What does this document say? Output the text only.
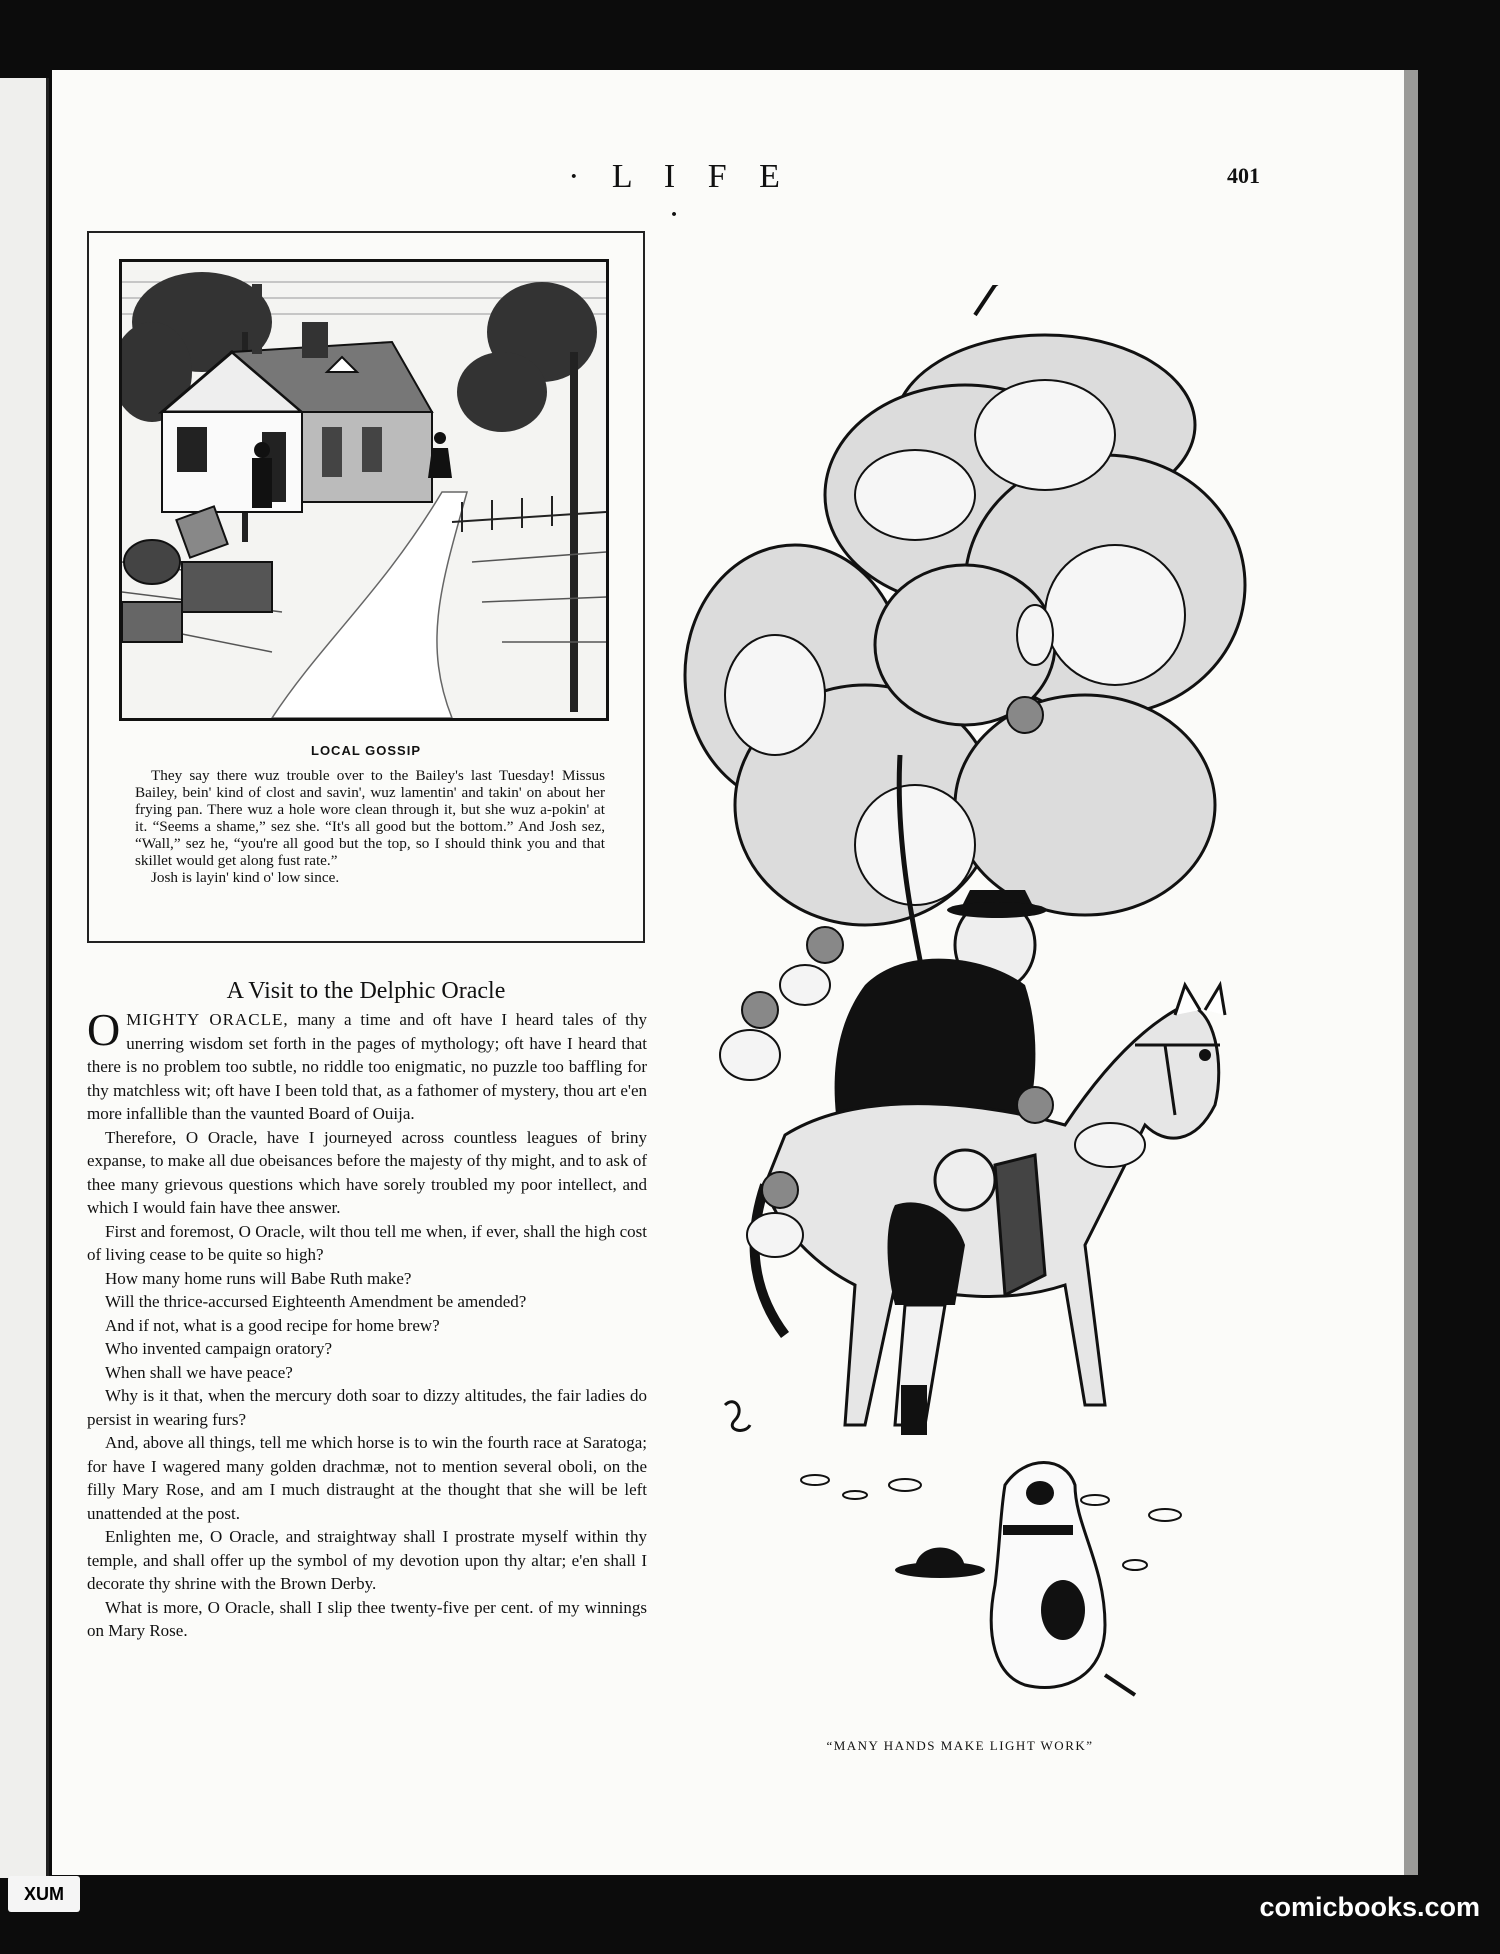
· L I F E ·
401
LOCAL GOSSIP

They say there wuz trouble over to the Bailey's last Tuesday! Missus Bailey, bein' kind of clost and savin', wuz lamentin' and takin' on about her frying pan. There wuz a hole wore clean through it, but she wuz a-pokin' at it. “Seems a shame,” sez she. “It's all good but the bottom.” And Josh sez, “Wall,” sez he, “you're all good but the top, so I should think you and that skillet would get along fust rate.”

Josh is layin' kind o' low since.

A Visit to the Delphic Oracle

OMIGHTY ORACLE, many a time and oft have I heard tales of thy unerring wisdom set forth in the pages of mythology; oft have I heard that there is no problem too subtle, no riddle too enigmatic, no puzzle too baffling for thy matchless wit; oft have I been told that, as a fathomer of mystery, thou art e'en more infallible than the vaunted Board of Ouija.

Therefore, O Oracle, have I journeyed across countless leagues of briny expanse, to make all due obeisances before the majesty of thy might, and to ask of thee many grievous questions which have sorely troubled my poor intellect, and which I would fain have thee answer.

First and foremost, O Oracle, wilt thou tell me when, if ever, shall the high cost of living cease to be quite so high?

How many home runs will Babe Ruth make?

Will the thrice-accursed Eighteenth Amendment be amended?

And if not, what is a good recipe for home brew?

Who invented campaign oratory?

When shall we have peace?

Why is it that, when the mercury doth soar to dizzy altitudes, the fair ladies do persist in wearing furs?

And, above all things, tell me which horse is to win the fourth race at Saratoga; for have I wagered many golden drachmæ, not to mention several oboli, on the filly Mary Rose, and am I much distraught at the thought that she will be left unattended at the post.

Enlighten me, O Oracle, and straightway shall I prostrate myself within thy temple, and shall offer up the symbol of my devotion upon thy altar; e'en shall I decorate thy shrine with the Brown Derby.

What is more, O Oracle, shall I slip thee twenty-five per cent. of my winnings on Mary Rose.

“MANY HANDS MAKE LIGHT WORK”
XUM	comicbooks.com
